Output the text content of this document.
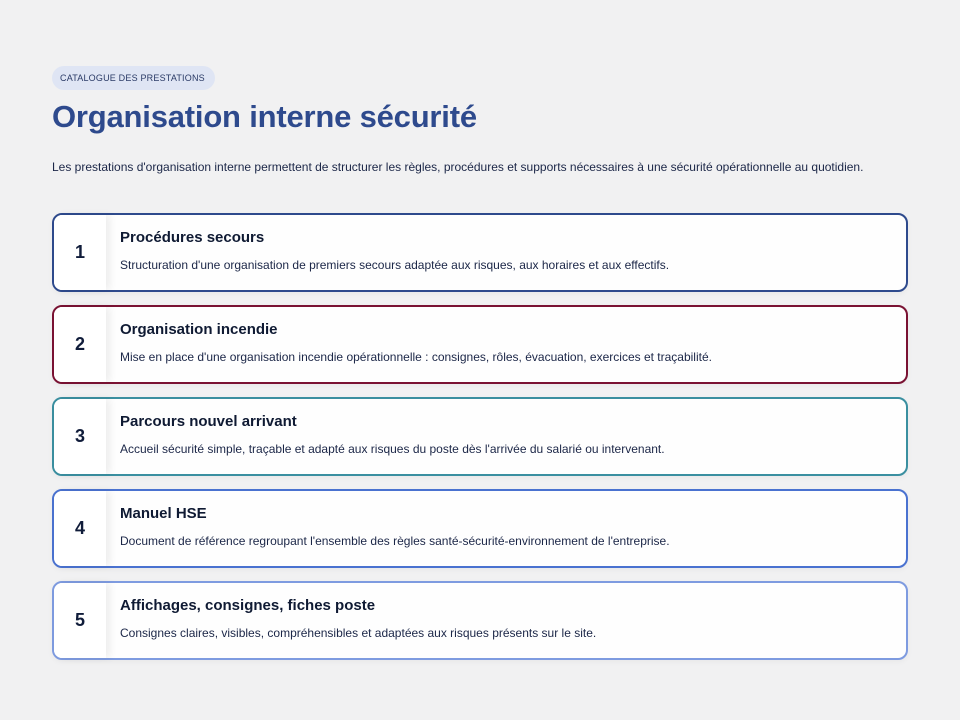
CATALOGUE DES PRESTATIONS
Organisation interne sécurité
Les prestations d'organisation interne permettent de structurer les règles, procédures et supports nécessaires à une sécurité opérationnelle au quotidien.
1
Procédures secours
Structuration d'une organisation de premiers secours adaptée aux risques, aux horaires et aux effectifs.
2
Organisation incendie
Mise en place d'une organisation incendie opérationnelle : consignes, rôles, évacuation, exercices et traçabilité.
3
Parcours nouvel arrivant
Accueil sécurité simple, traçable et adapté aux risques du poste dès l'arrivée du salarié ou intervenant.
4
Manuel HSE
Document de référence regroupant l'ensemble des règles santé-sécurité-environnement de l'entreprise.
5
Affichages, consignes, fiches poste
Consignes claires, visibles, compréhensibles et adaptées aux risques présents sur le site.
